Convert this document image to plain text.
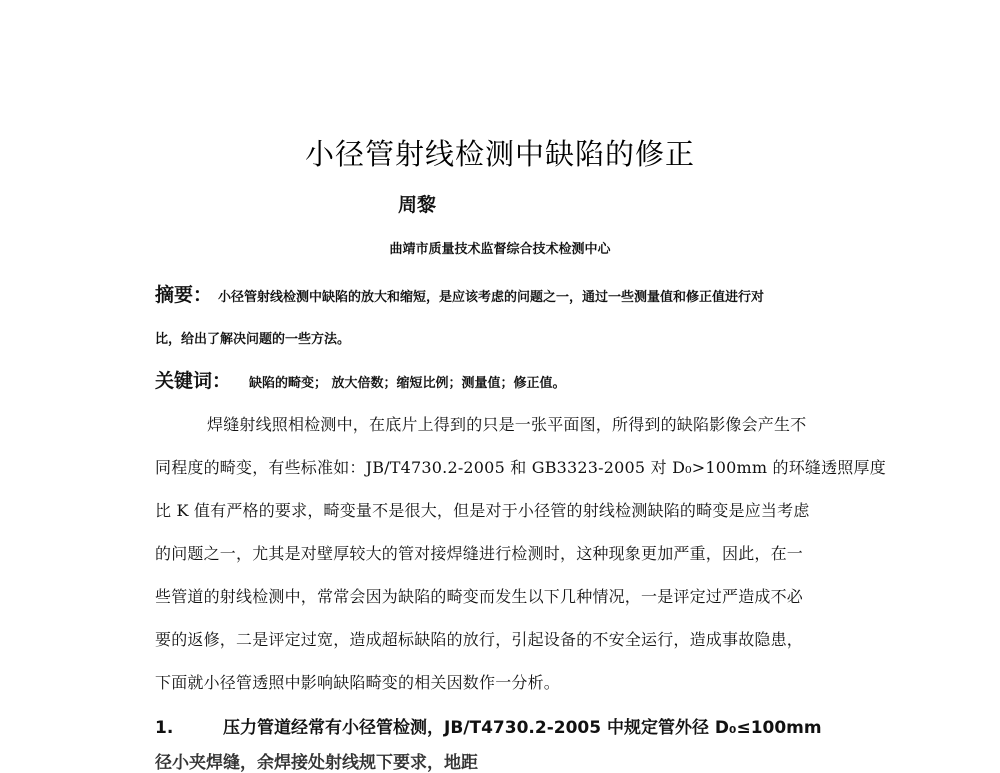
小径管射线检测中缺陷的修正
周黎
曲靖市质量技术监督综合技术检测中心
摘要： 小径管射线检测中缺陷的放大和缩短，是应该考虑的问题之一，通过一些测量值和修正值进行对
比，给出了解决问题的一些方法。
关键词： 缺陷的畸变； 放大倍数；缩短比例；测量值；修正值。
焊缝射线照相检测中，在底片上得到的只是一张平面图，所得到的缺陷影像会产生不
同程度的畸变，有些标准如：JB/T4730.2-2005 和 GB3323-2005 对 D₀>100mm 的环缝透照厚度
比 K 值有严格的要求，畸变量不是很大，但是对于小径管的射线检测缺陷的畸变是应当考虑
的问题之一，尤其是对壁厚较大的管对接焊缝进行检测时，这种现象更加严重，因此，在一
些管道的射线检测中，常常会因为缺陷的畸变而发生以下几种情况，一是评定过严造成不必
要的返修，二是评定过宽，造成超标缺陷的放行，引起设备的不安全运行，造成事故隐患，
下面就小径管透照中影响缺陷畸变的相关因数作一分析。
1.	压力管道经常有小径管检测，JB/T4730.2-2005 中规定管外径 D₀≤100mm
径小夹焊缝，余焊接处射线规下要求，地距
